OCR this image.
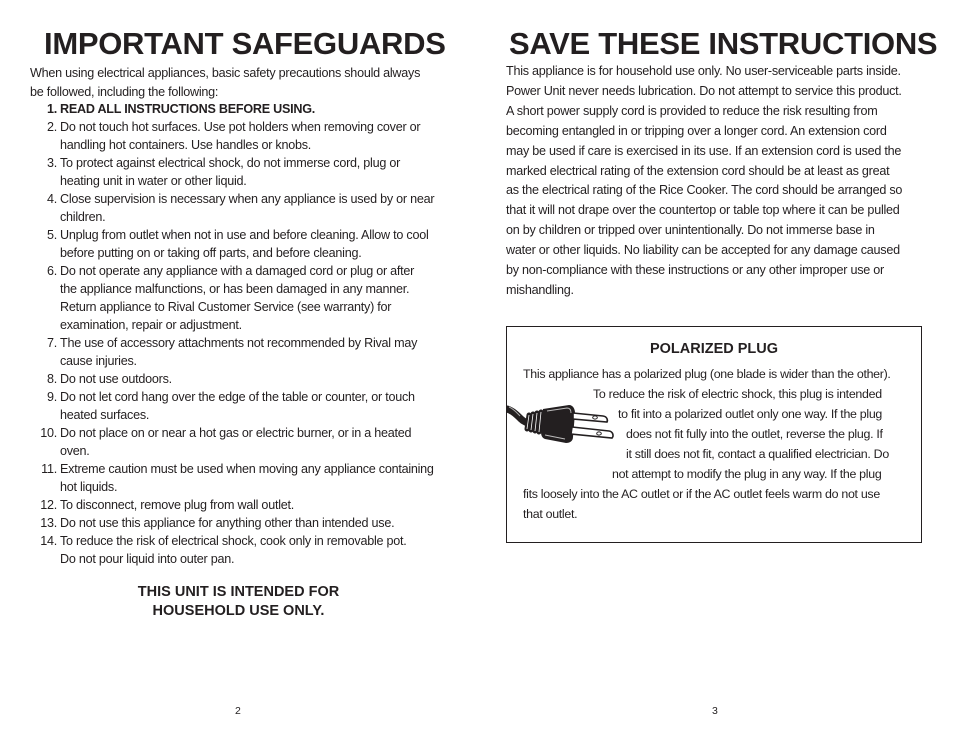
IMPORTANT SAFEGUARDS
When using electrical appliances, basic safety precautions should always
be followed, including the following:
1. READ ALL INSTRUCTIONS BEFORE USING.
2. Do not touch hot surfaces. Use pot holders when removing cover or
handling hot containers. Use handles or knobs.
3. To protect against electrical shock, do not immerse cord, plug or
heating unit in water or other liquid.
4. Close supervision is necessary when any appliance is used by or near
children.
5. Unplug from outlet when not in use and before cleaning. Allow to cool
before putting on or taking off parts, and before cleaning.
6. Do not operate any appliance with a damaged cord or plug or after
the appliance malfunctions, or has been damaged in any manner.
Return appliance to Rival Customer Service (see warranty) for
examination, repair or adjustment.
7. The use of accessory attachments not recommended by Rival may
cause injuries.
8. Do not use outdoors.
9. Do not let cord hang over the edge of the table or counter, or touch
heated surfaces.
10. Do not place on or near a hot gas or electric burner, or in a heated
oven.
11. Extreme caution must be used when moving any appliance containing
hot liquids.
12. To disconnect, remove plug from wall outlet.
13. Do not use this appliance for anything other than intended use.
14. To reduce the risk of electrical shock, cook only in removable pot.
Do not pour liquid into outer pan.
THIS UNIT IS INTENDED FOR
HOUSEHOLD USE ONLY.
2
SAVE THESE INSTRUCTIONS
This appliance is for household use only. No user-serviceable parts inside.
Power Unit never needs lubrication. Do not attempt to service this product.
A short power supply cord is provided to reduce the risk resulting from
becoming entangled in or tripping over a longer cord. An extension cord
may be used if care is exercised in its use. If an extension cord is used the
marked electrical rating of the extension cord should be at least as great
as the electrical rating of the Rice Cooker. The cord should be arranged so
that it will not drape over the countertop or table top where it can be pulled
on by children or tripped over unintentionally. Do not immerse base in
water or other liquids. No liability can be accepted for any damage caused
by non-compliance with these instructions or any other improper use or
mishandling.
POLARIZED PLUG
This appliance has a polarized plug (one blade is wider than the other).
To reduce the risk of electric shock, this plug is intended
to fit into a polarized outlet only one way. If the plug
does not fit fully into the outlet, reverse the plug. If
it still does not fit, contact a qualified electrician. Do
not attempt to modify the plug in any way. If the plug
fits loosely into the AC outlet or if the AC outlet feels warm do not use
that outlet.
3
